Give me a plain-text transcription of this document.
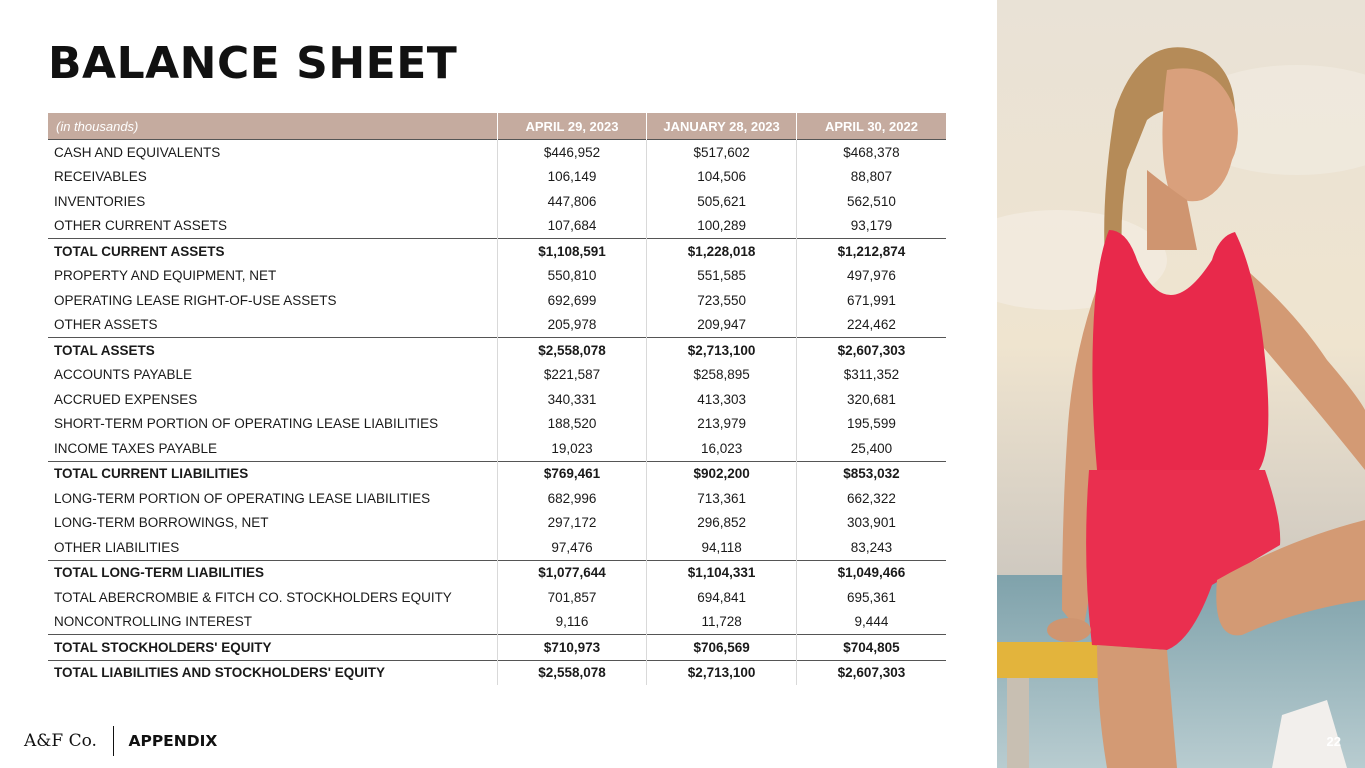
BALANCE SHEET
(in thousands)	APRIL 29, 2023	JANUARY 28, 2023	APRIL 30, 2022
CASH AND EQUIVALENTS	$446,952	$517,602	$468,378
RECEIVABLES	106,149	104,506	88,807
INVENTORIES	447,806	505,621	562,510
OTHER CURRENT ASSETS	107,684	100,289	93,179
TOTAL CURRENT ASSETS	$1,108,591	$1,228,018	$1,212,874
PROPERTY AND EQUIPMENT, NET	550,810	551,585	497,976
OPERATING LEASE RIGHT-OF-USE ASSETS	692,699	723,550	671,991
OTHER ASSETS	205,978	209,947	224,462
TOTAL ASSETS	$2,558,078	$2,713,100	$2,607,303
ACCOUNTS PAYABLE	$221,587	$258,895	$311,352
ACCRUED EXPENSES	340,331	413,303	320,681
SHORT-TERM PORTION OF OPERATING LEASE LIABILITIES	188,520	213,979	195,599
INCOME TAXES PAYABLE	19,023	16,023	25,400
TOTAL CURRENT LIABILITIES	$769,461	$902,200	$853,032
LONG-TERM PORTION OF OPERATING LEASE LIABILITIES	682,996	713,361	662,322
LONG-TERM BORROWINGS, NET	297,172	296,852	303,901
OTHER LIABILITIES	97,476	94,118	83,243
TOTAL LONG-TERM LIABILITIES	$1,077,644	$1,104,331	$1,049,466
TOTAL ABERCROMBIE & FITCH CO. STOCKHOLDERS EQUITY	701,857	694,841	695,361
NONCONTROLLING INTEREST	9,116	11,728	9,444
TOTAL STOCKHOLDERS' EQUITY	$710,973	$706,569	$704,805
TOTAL LIABILITIES AND STOCKHOLDERS' EQUITY	$2,558,078	$2,713,100	$2,607,303
A&F Co. APPENDIX	22
